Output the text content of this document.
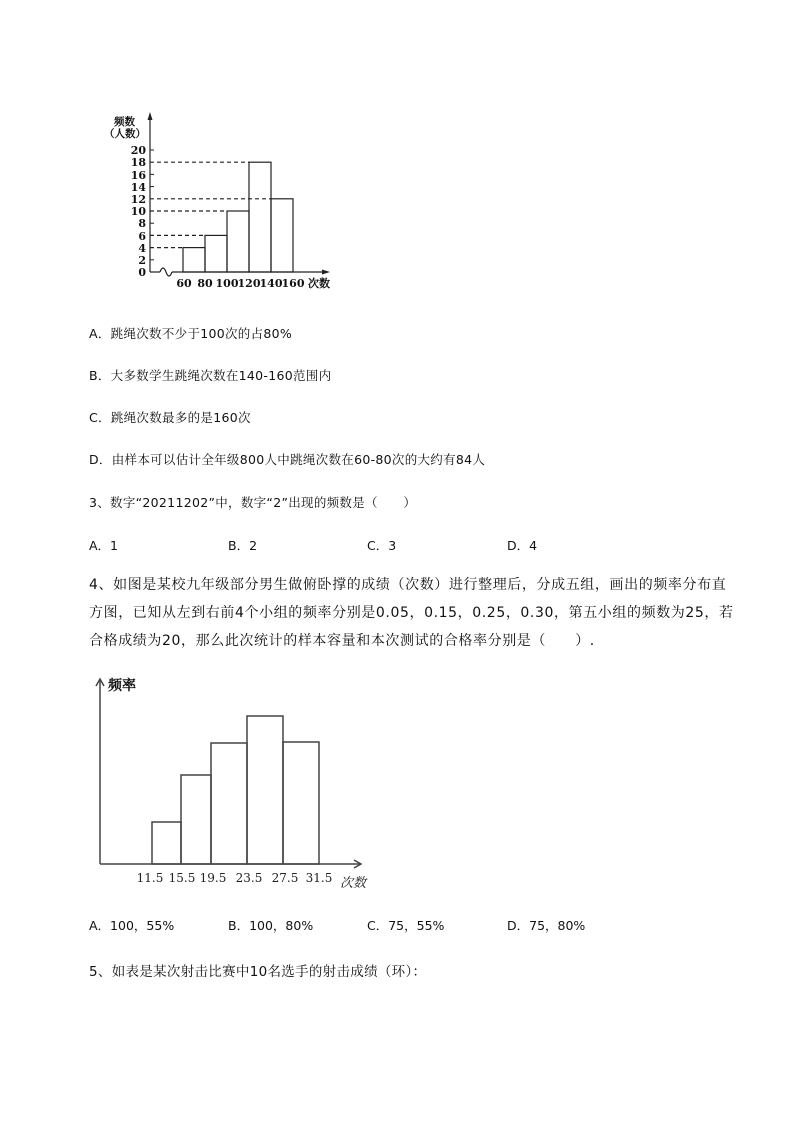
0
2
4
6
8
10
12
14
16
18
20
频数
（人数）
60 80 100 120 140 160 次数
A．跳绳次数不少于100次的占80%
B．大多数学生跳绳次数在140-160范围内
C．跳绳次数最多的是160次
D．由样本可以估计全年级800人中跳绳次数在60-80次的大约有84人
3、数字“20211202”中，数字“2”出现的频数是（　　）
A．1	B．2	C．3	D．4
4、如图是某校九年级部分男生做俯卧撑的成绩（次数）进行整理后，分成五组，画出的频率分布直
方图，已知从左到右前4个小组的频率分别是0.05，0.15，0.25，0.30，第五小组的频数为25，若
合格成绩为20，那么此次统计的样本容量和本次测试的合格率分别是（　　）.
频率
11.5 15.5 19.5 23.5 27.5 31.5 次数
A．100，55%	B．100，80%	C．75，55%	D．75，80%
5、如表是某次射击比赛中10名选手的射击成绩（环）：
